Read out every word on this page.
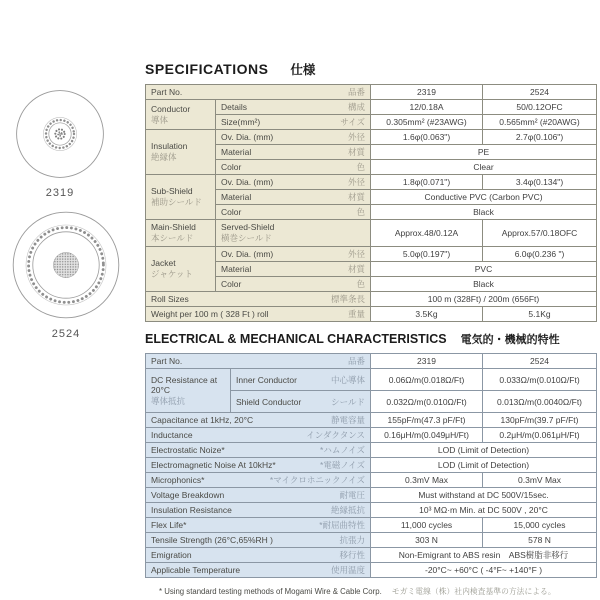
2319
2524
SPECIFICATIONS 仕様
Part No. 品番		2319	2524

Conductor
導体	Details 構成	12/0.18A	50/0.12OFC

	Size(mm²) サイズ	0.305mm² (#23AWG)	0.565mm² (#20AWG)

Insulation
絶縁体	Ov. Dia. (mm) 外径	1.6φ(0.063")	2.7φ(0.106")

	Material 材質	PE	

	Color 色	Clear	

Sub-Shield
補助シールド	Ov. Dia. (mm) 外径	1.8φ(0.071")	3.4φ(0.134")

	Material 材質	Conductive PVC (Carbon PVC)	

	Color 色	Black	

Main-Shield
本シールド	Served-Shield
横巻シールド	Approx.48/0.12A	Approx.57/0.18OFC

Jacket
ジャケット	Ov. Dia. (mm) 外径	5.0φ(0.197")	6.0φ(0.236 ")

	Material 材質	PVC	

	Color 色	Black	

Roll Sizes 標準条長		100 m (328Ft) / 200m (656Ft)	

Weight per 100 m ( 328 Ft ) roll 重量		3.5Kg	5.1Kg
ELECTRICAL & MECHANICAL CHARACTERISTICS 電気的・機械的特性
Part No. 品番		2319	2524

DC Resistance at 20°C
導体抵抗	Inner Conductor 中心導体	0.06Ω/m(0.018Ω/Ft)	0.033Ω/m(0.010Ω/Ft)

	Shield Conductor シールド	0.032Ω/m(0.010Ω/Ft)	0.013Ω/m(0.0040Ω/Ft)

Capacitance at 1kHz, 20°C 静電容量		155pF/m(47.3 pF/Ft)	130pF/m(39.7 pF/Ft)

Inductance インダクタンス		0.16μH/m(0.049μH/Ft)	0.2μH/m(0.061μH/Ft)

Electrostatic Noize* *ハムノイズ		LOD (Limit of Detection)	

Electromagnetic Noise At 10kHz* *電磁ノイズ		LOD (Limit of Detection)	

Microphonics* *マイクロホニックノイズ		0.3mV Max	0.3mV Max

Voltage Breakdown 耐電圧		Must withstand at DC 500V/15sec.	

Insulation Resistance 絶縁抵抗		10³ MΩ·m Min. at DC 500V , 20°C	

Flex Life* *耐屈曲特性		11,000 cycles	15,000 cycles

Tensile Strength (26°C,65%RH ) 抗張力		303 N	578 N

Emigration 移行性		Non-Emigrant to ABS resin　ABS樹脂非移行	

Applicable Temperature 使用温度		-20°C~ +60°C ( -4°F~ +140°F )	
* Using standard testing methods of Mogami Wire & Cable Corp. モガミ電線（株）社内検査基準の方法による。
